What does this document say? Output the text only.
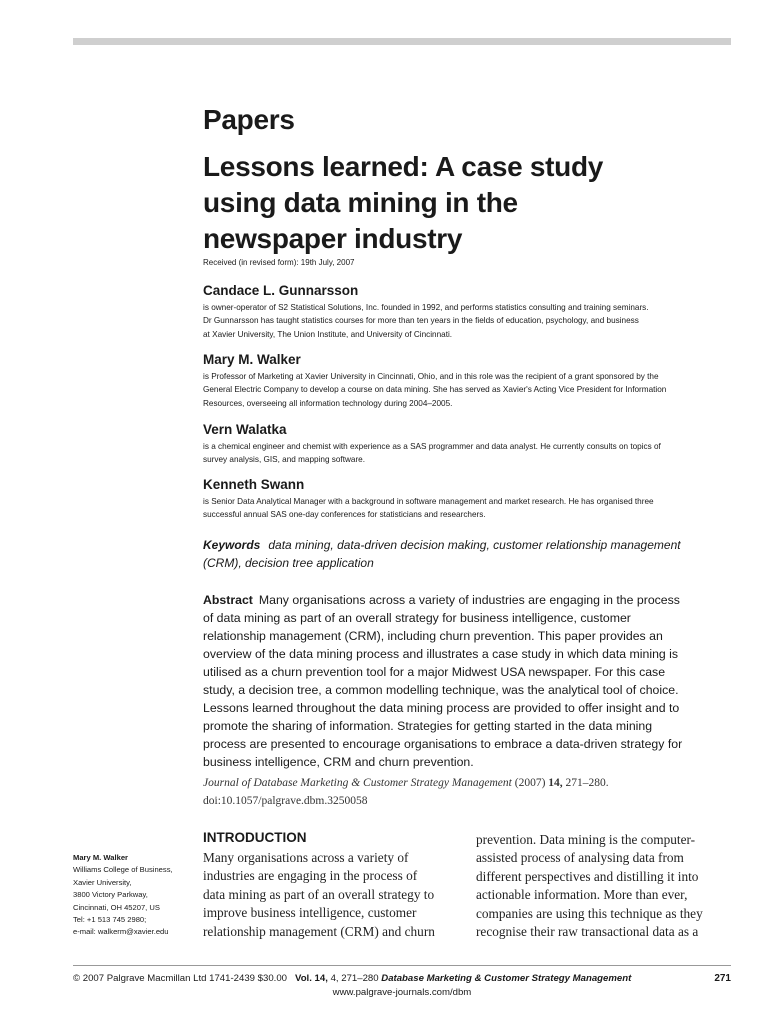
Papers
Lessons learned: A case study
using data mining in the
newspaper industry
Received (in revised form): 19th July, 2007
Candace L. Gunnarsson
is owner-operator of S2 Statistical Solutions, Inc. founded in 1992, and performs statistics consulting and training seminars.
Dr Gunnarsson has taught statistics courses for more than ten years in the fields of education, psychology, and business
at Xavier University, The Union Institute, and University of Cincinnati.
Mary M. Walker
is Professor of Marketing at Xavier University in Cincinnati, Ohio, and in this role was the recipient of a grant sponsored by the
General Electric Company to develop a course on data mining. She has served as Xavier's Acting Vice President for Information
Resources, overseeing all information technology during 2004–2005.
Vern Walatka
is a chemical engineer and chemist with experience as a SAS programmer and data analyst. He currently consults on topics of
survey analysis, GIS, and mapping software.
Kenneth Swann
is Senior Data Analytical Manager with a background in software management and market research. He has organised three
successful annual SAS one-day conferences for statisticians and researchers.
Keywords data mining, data-driven decision making, customer relationship management
(CRM), decision tree application
Abstract Many organisations across a variety of industries are engaging in the process
of data mining as part of an overall strategy for business intelligence, customer
relationship management (CRM), including churn prevention. This paper provides an
overview of the data mining process and illustrates a case study in which data mining is
utilised as a churn prevention tool for a major Midwest USA newspaper. For this case
study, a decision tree, a common modelling technique, was the analytical tool of choice.
Lessons learned throughout the data mining process are provided to offer insight and to
promote the sharing of information. Strategies for getting started in the data mining
process are presented to encourage organisations to embrace a data-driven strategy for
business intelligence, CRM and churn prevention.
Journal of Database Marketing & Customer Strategy Management (2007) 14, 271–280.
doi:10.1057/palgrave.dbm.3250058
Mary M. Walker
Williams College of Business,
Xavier University,
3800 Victory Parkway,
Cincinnati, OH 45207, US
Tel: +1 513 745 2980;
e-mail: walkerm@xavier.edu
INTRODUCTION
Many organisations across a variety of
industries are engaging in the process of
data mining as part of an overall strategy to
improve business intelligence, customer
relationship management (CRM) and churn
prevention. Data mining is the computer-
assisted process of analysing data from
different perspectives and distilling it into
actionable information. More than ever,
companies are using this technique as they
recognise their raw transactional data as a
© 2007 Palgrave Macmillan Ltd 1741-2439 $30.00 Vol. 14, 4, 271–280 Database Marketing & Customer Strategy Management	271
www.palgrave-journals.com/dbm
